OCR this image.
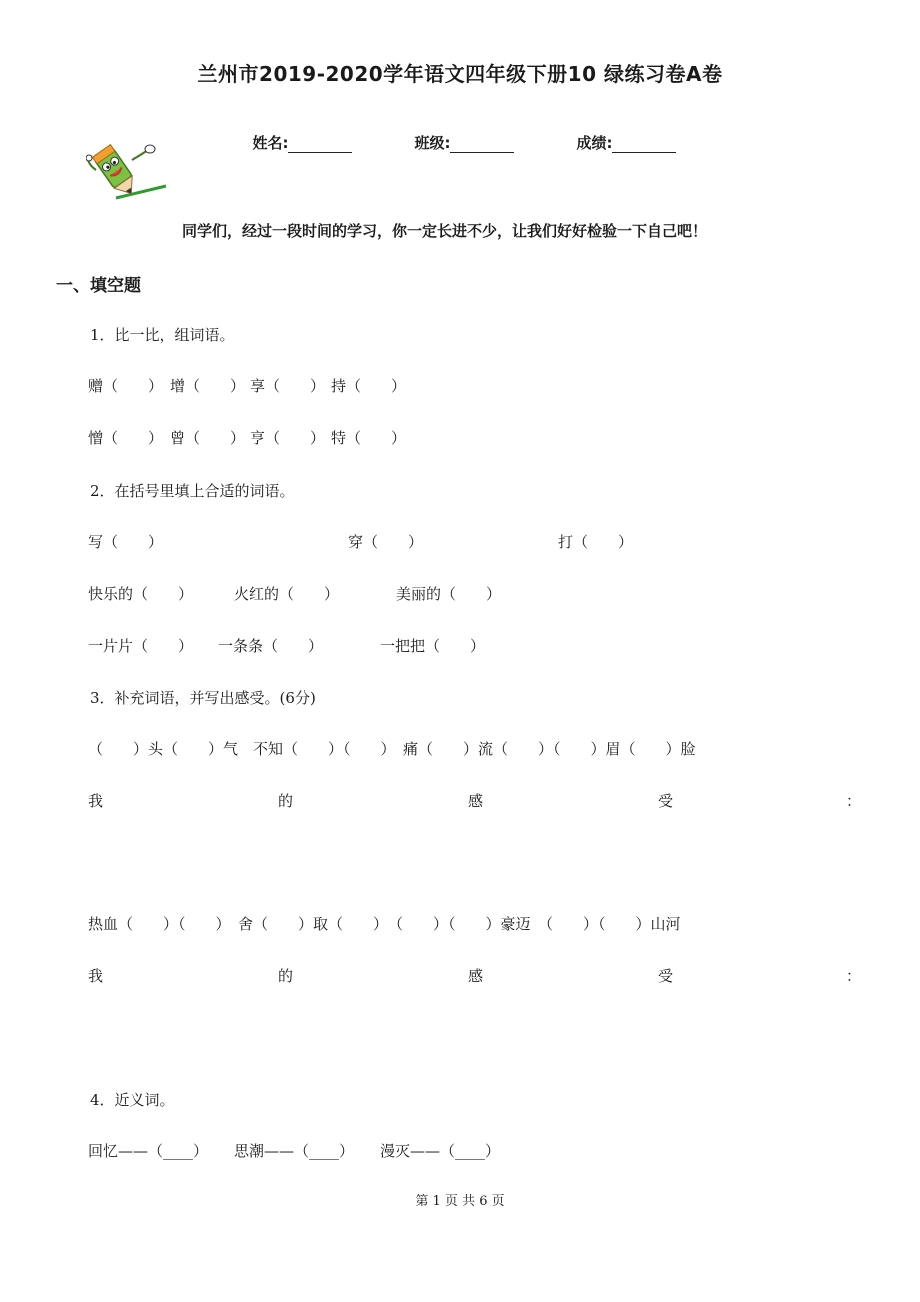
兰州市2019-2020学年语文四年级下册10 绿练习卷A卷

姓名:	班级:	成绩:

同学们，经过一段时间的学习，你一定长进不少，让我们好好检验一下自己吧！
一、填空题
1．比一比，组词语。
赠（　　） 增（　　） 享（　　） 持（　　）
憎（　　） 曾（　　） 亨（　　） 特（　　）
2．在括号里填上合适的词语。
写（　　）	穿（　　）	打（　　）
快乐的（　　）	火红的（　　）	美丽的（　　）
一片片（　　） 一条条（　　）	一把把（　　）
3．补充词语，并写出感受。(6分)
（　　）头（　　）气　不知（　　）（　　）　痛（　　）流（　　）（　　）眉（　　）脸
我	的	感	受	：
热血（　　）（　　）　舍（　　）取（　　）　（　　）（　　）豪迈　（　　）（　　）山河
我	的	感	受	：
4．近义词。
回忆——（____） 思潮——（____） 漫灭——（____）
第 1 页 共 6 页
